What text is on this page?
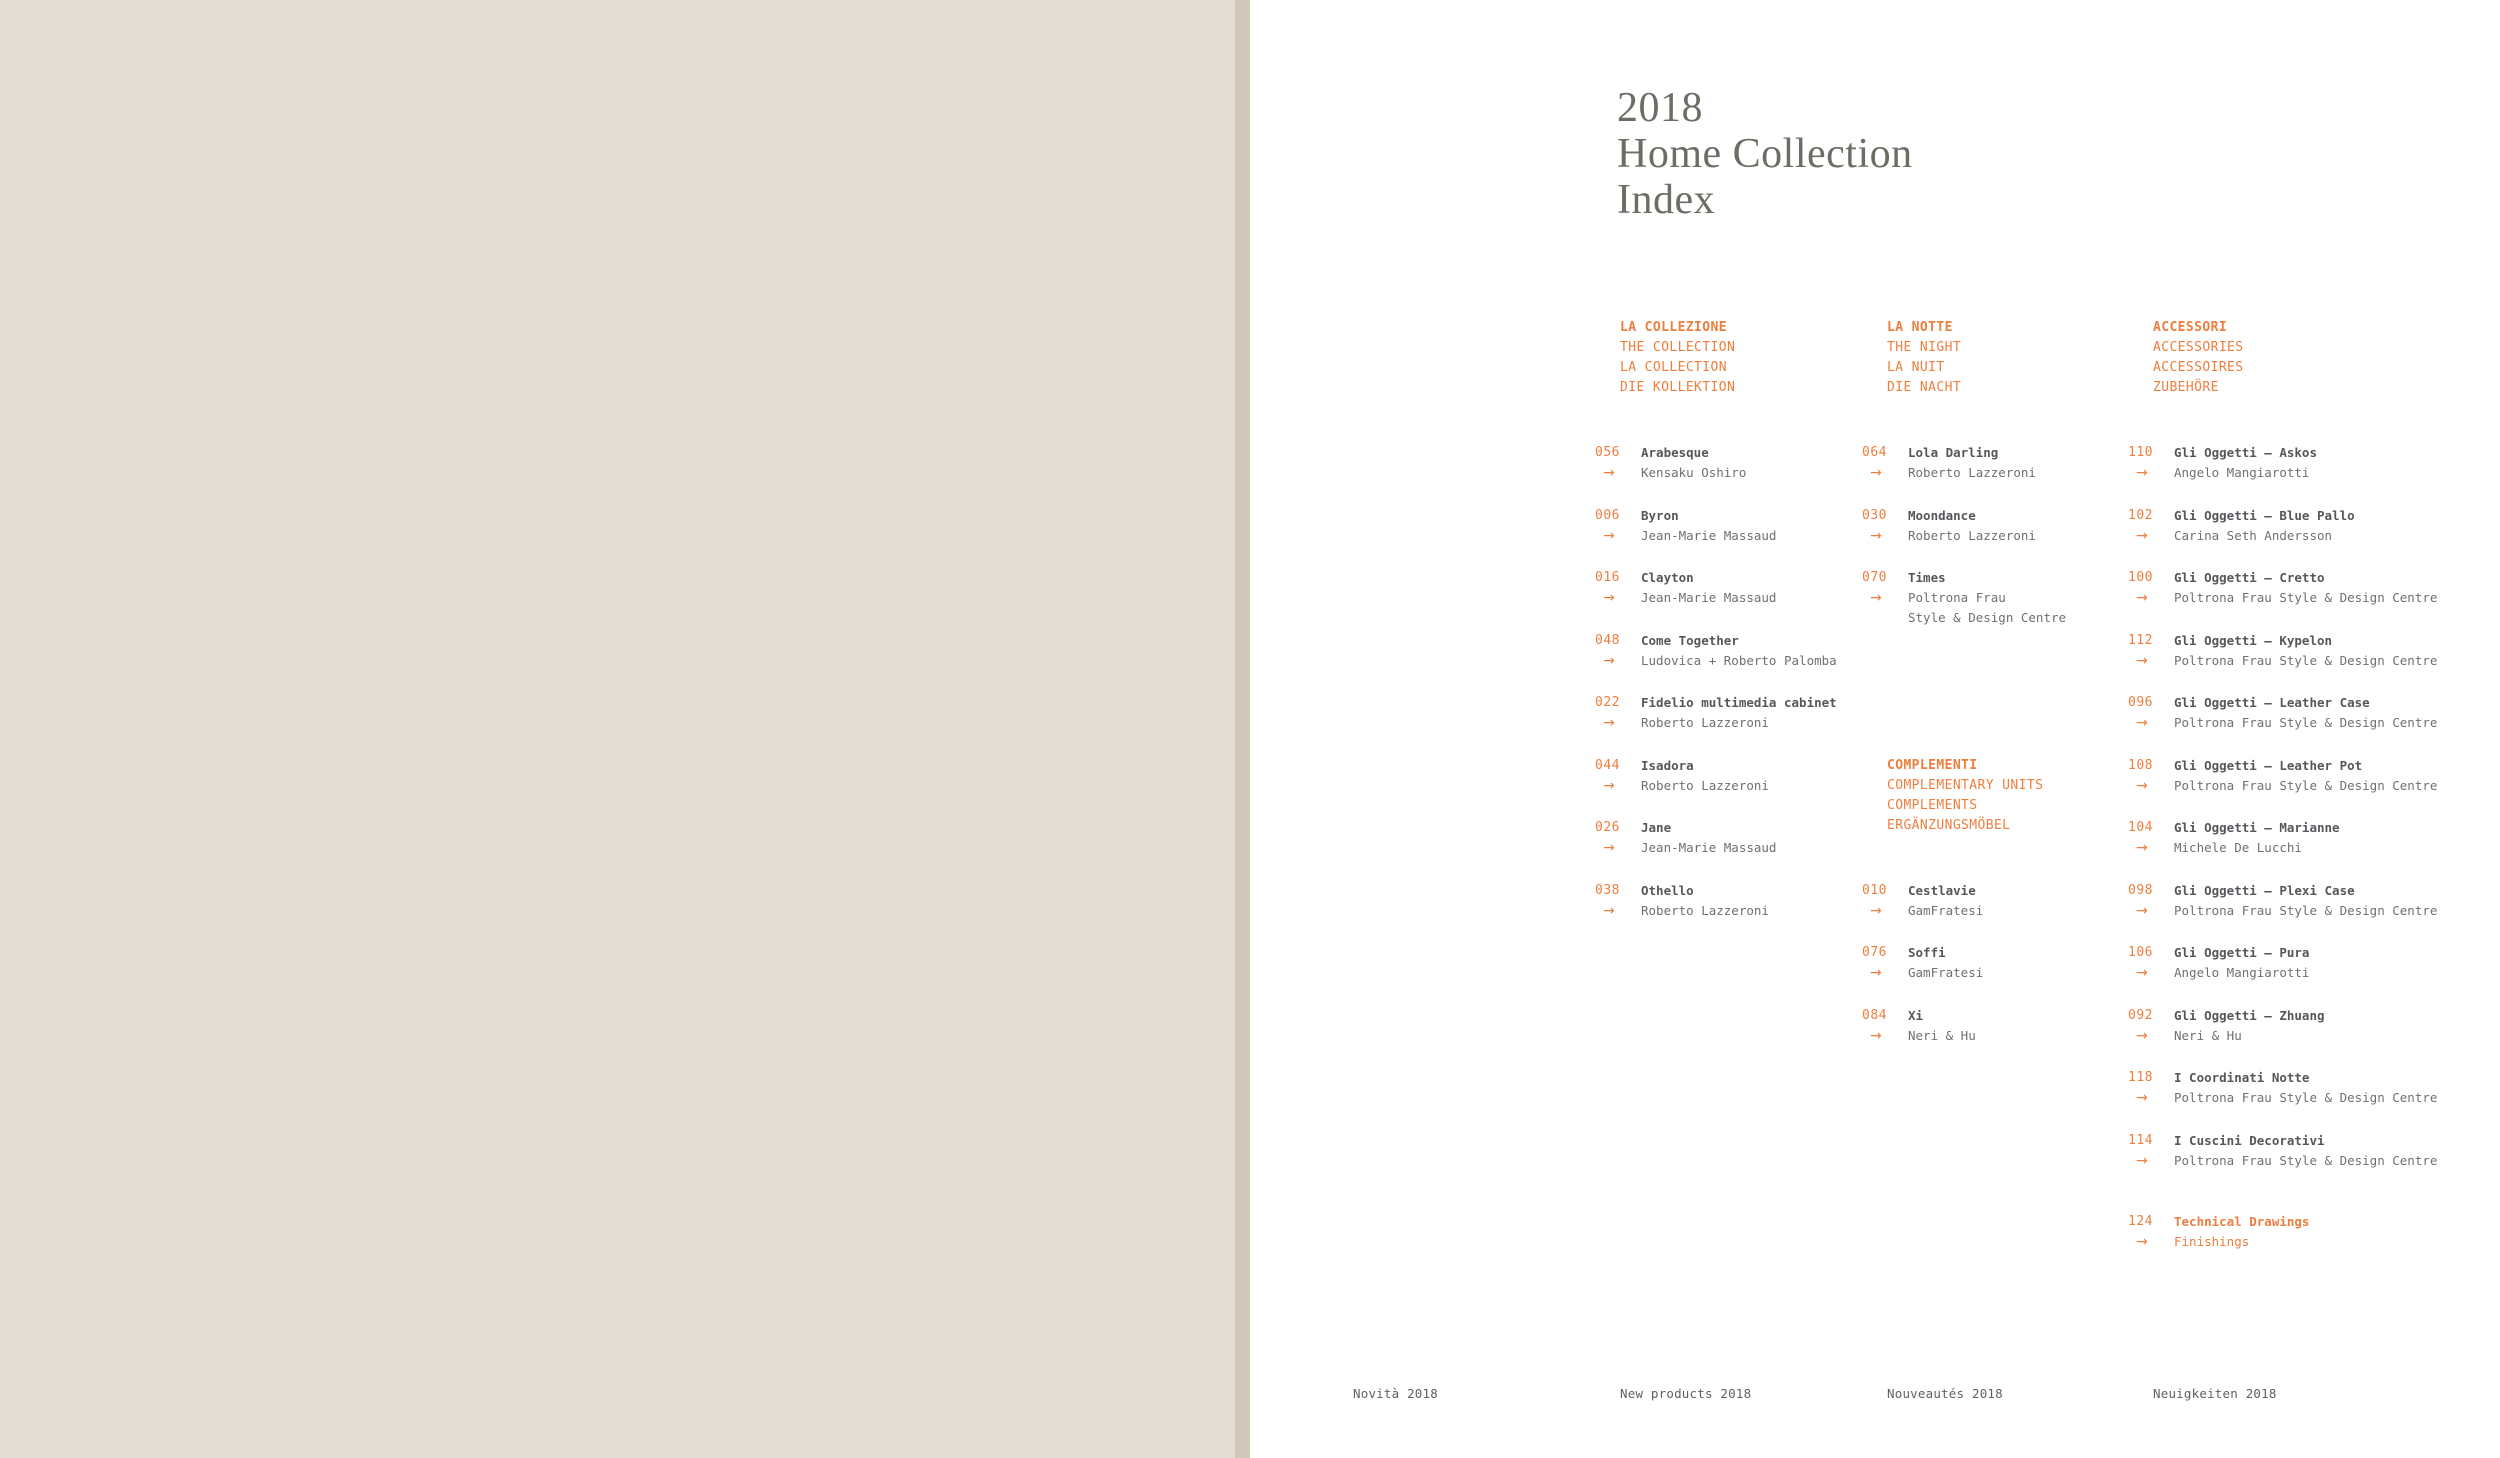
2018
Home Collection
Index
LA COLLEZIONE
THE COLLECTION
LA COLLECTION
DIE KOLLEKTION
056
→
Arabesque
Kensaku Oshiro
006
→
Byron
Jean-Marie Massaud
016
→
Clayton
Jean-Marie Massaud
048
→
Come Together
Ludovica + Roberto Palomba
022
→
Fidelio multimedia cabinet
Roberto Lazzeroni
044
→
Isadora
Roberto Lazzeroni
026
→
Jane
Jean-Marie Massaud
038
→
Othello
Roberto Lazzeroni
LA NOTTE
THE NIGHT
LA NUIT
DIE NACHT
064
→
Lola Darling
Roberto Lazzeroni
030
→
Moondance
Roberto Lazzeroni
070
→
Times
Poltrona Frau
Style & Design Centre
COMPLEMENTI
COMPLEMENTARY UNITS
COMPLEMENTS
ERGÄNZUNGSMÖBEL
010
→
Cestlavie
GamFratesi
076
→
Soffi
GamFratesi
084
→
Xi
Neri & Hu
ACCESSORI
ACCESSORIES
ACCESSOIRES
ZUBEHÖRE
110
→
Gli Oggetti — Askos
Angelo Mangiarotti
102
→
Gli Oggetti — Blue Pallo
Carina Seth Andersson
100
→
Gli Oggetti — Cretto
Poltrona Frau Style & Design Centre
112
→
Gli Oggetti — Kypelon
Poltrona Frau Style & Design Centre
096
→
Gli Oggetti — Leather Case
Poltrona Frau Style & Design Centre
108
→
Gli Oggetti — Leather Pot
Poltrona Frau Style & Design Centre
104
→
Gli Oggetti — Marianne
Michele De Lucchi
098
→
Gli Oggetti — Plexi Case
Poltrona Frau Style & Design Centre
106
→
Gli Oggetti — Pura
Angelo Mangiarotti
092
→
Gli Oggetti — Zhuang
Neri & Hu
118
→
I Coordinati Notte
Poltrona Frau Style & Design Centre
114
→
I Cuscini Decorativi
Poltrona Frau Style & Design Centre
124
→
Technical Drawings
Finishings
Novità 2018	New products 2018	Nouveautés 2018	Neuigkeiten 2018
